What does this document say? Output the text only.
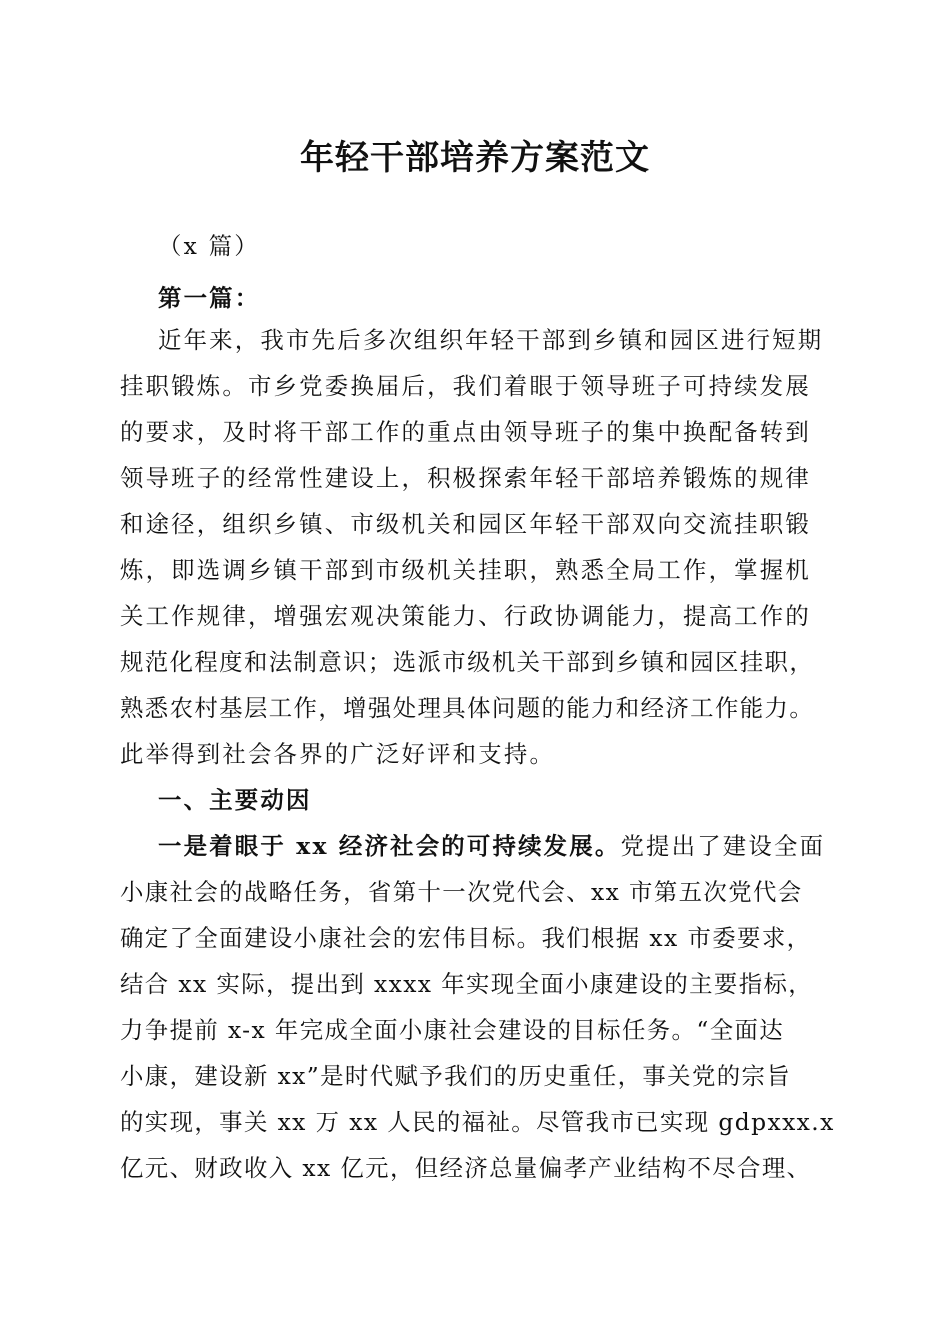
年轻干部培养方案范文
（x 篇）
第一篇：
近年来，我市先后多次组织年轻干部到乡镇和园区进行短期
挂职锻炼。市乡党委换届后，我们着眼于领导班子可持续发展
的要求，及时将干部工作的重点由领导班子的集中换配备转到
领导班子的经常性建设上，积极探索年轻干部培养锻炼的规律
和途径，组织乡镇、市级机关和园区年轻干部双向交流挂职锻
炼，即选调乡镇干部到市级机关挂职，熟悉全局工作，掌握机
关工作规律，增强宏观决策能力、行政协调能力，提高工作的
规范化程度和法制意识；选派市级机关干部到乡镇和园区挂职，
熟悉农村基层工作，增强处理具体问题的能力和经济工作能力。
此举得到社会各界的广泛好评和支持。
一、主要动因
一是着眼于 xx 经济社会的可持续发展。党提出了建设全面
小康社会的战略任务，省第十一次党代会、xx 市第五次党代会
确定了全面建设小康社会的宏伟目标。我们根据 xx 市委要求，
结合 xx 实际，提出到 xxxx 年实现全面小康建设的主要指标，
力争提前 x-x 年完成全面小康社会建设的目标任务。“全面达
小康，建设新 xx”是时代赋予我们的历史重任，事关党的宗旨
的实现，事关 xx 万 xx 人民的福祉。尽管我市已实现 gdpxxx.x
亿元、财政收入 xx 亿元，但经济总量偏孝产业结构不尽合理、
